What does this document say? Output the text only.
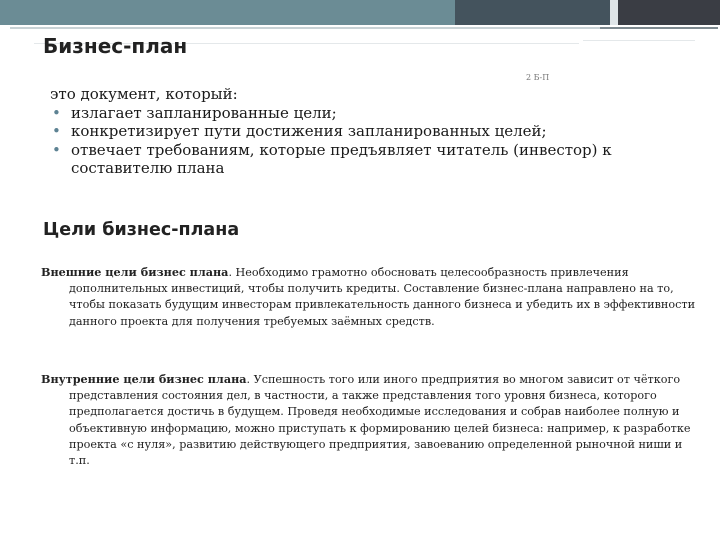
Бизнес-план
2 Б-П
это документ, который:
• излагает запланированные цели;
• конкретизирует пути достижения запланированных целей;
• отвечает требованиям, которые предъявляет читатель (инвестор) к составителю плана
Цели бизнес-плана
Внешние цели бизнес плана. Необходимо грамотно обосновать целесообразность привлечения дополнительных инвестиций, чтобы получить кредиты. Составление бизнес-плана направлено на то, чтобы показать будущим инвесторам привлекательность данного бизнеса и убедить их в эффективности данного проекта для получения требуемых заёмных средств.
Внутренние цели бизнес плана. Успешность того или иного предприятия во многом зависит от чёткого представления состояния дел, в частности, а также представления того уровня бизнеса, которого предполагается достичь в будущем. Проведя необходимые исследования и собрав наиболее полную и объективную информацию, можно приступать к формированию целей бизнеса: например, к разработке проекта «с нуля», развитию действующего предприятия, завоеванию определенной рыночной ниши и т.п.
